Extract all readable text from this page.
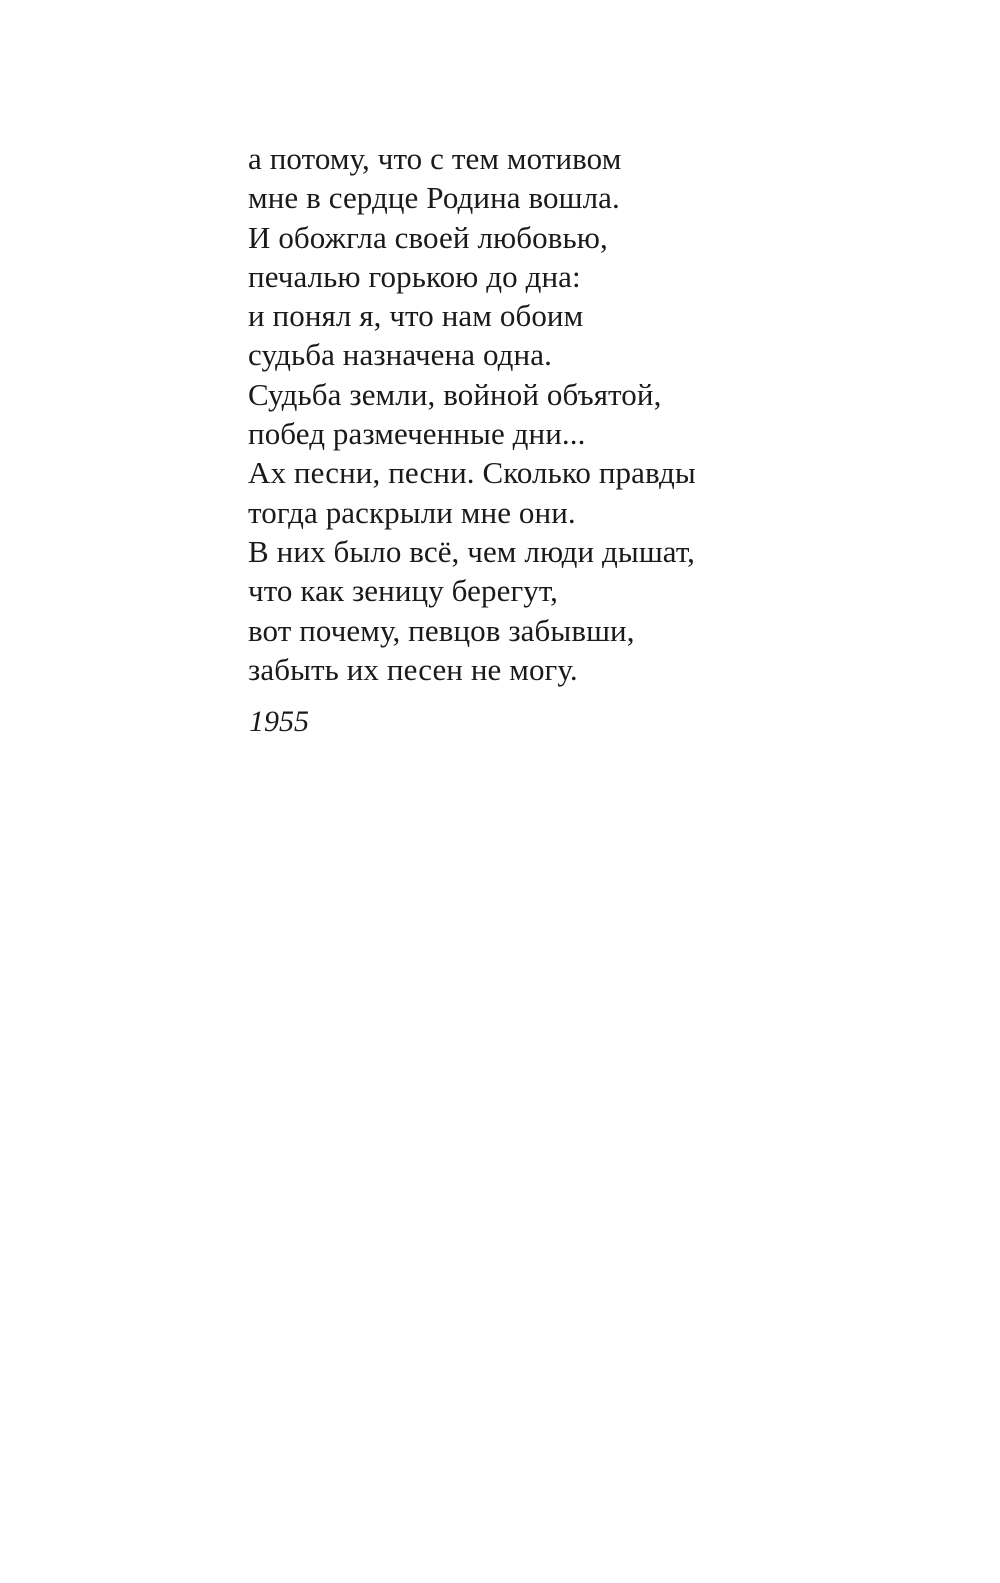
а потому, что с тем мотивом
мне в сердце Родина вошла.
И обожгла своей любовью,
печалью горькою до дна:
и понял я, что нам обоим
судьба назначена одна.
Судьба земли, войной объятой,
побед размеченные дни...
Ах песни, песни. Сколько правды
тогда раскрыли мне они.
В них было всё, чем люди дышат,
что как зеницу берегут,
вот почему, певцов забывши,
забыть их песен не могу.
1955
